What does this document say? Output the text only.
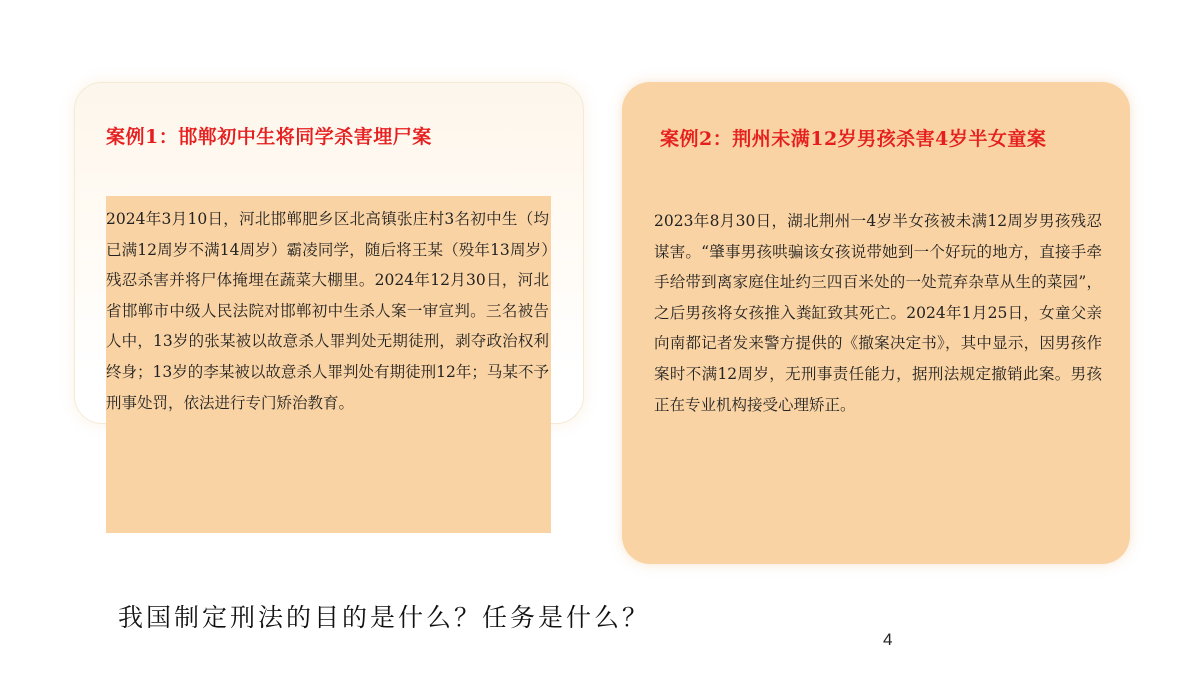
案例1：邯郸初中生将同学杀害埋尸案
2024年3月10日，河北邯郸肥乡区北高镇张庄村3名初中生（均已满12周岁不满14周岁）霸凌同学，随后将王某（殁年13周岁）残忍杀害并将尸体掩埋在蔬菜大棚里。2024年12月30日，河北省邯郸市中级人民法院对邯郸初中生杀人案一审宣判。三名被告人中，13岁的张某被以故意杀人罪判处无期徒刑，剥夺政治权利终身；13岁的李某被以故意杀人罪判处有期徒刑12年；马某不予刑事处罚，依法进行专门矫治教育。
案例2：荆州未满12岁男孩杀害4岁半女童案
2023年8月30日，湖北荆州一4岁半女孩被未满12周岁男孩残忍谋害。“肇事男孩哄骗该女孩说带她到一个好玩的地方，直接手牵手给带到离家庭住址约三四百米处的一处荒弃杂草从生的菜园”，之后男孩将女孩推入粪缸致其死亡。2024年1月25日，女童父亲向南都记者发来警方提供的《撤案决定书》，其中显示，因男孩作案时不满12周岁，无刑事责任能力，据刑法规定撤销此案。男孩正在专业机构接受心理矫正。

我国制定刑法的目的是什么？任务是什么？

4
